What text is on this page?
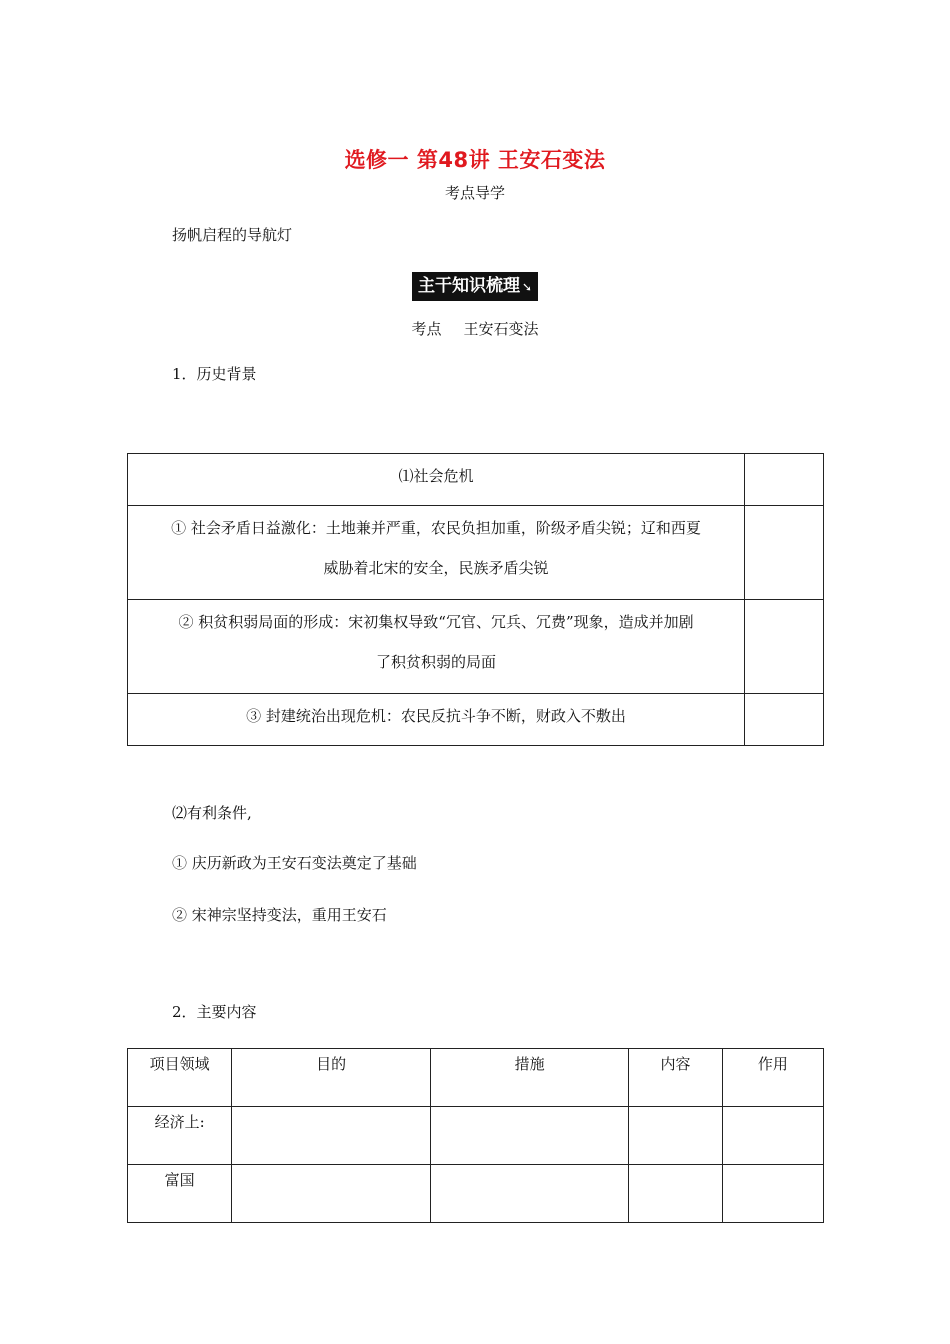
选修一 第48讲 王安石变法
考点导学
扬帆启程的导航灯
主干知识梳理 ➘
考点 王安石变法
1．历史背景
⑴社会危机	

① 社会矛盾日益激化：土地兼并严重，农民负担加重，阶级矛盾尖锐；辽和西夏
威胁着北宋的安全，民族矛盾尖锐	

② 积贫积弱局面的形成：宋初集权导致“冗官、冗兵、冗费”现象，造成并加剧
了积贫积弱的局面	

③ 封建统治出现危机：农民反抗斗争不断，财政入不敷出	

⑵有利条件,
① 庆历新政为王安石变法奠定了基础
② 宋神宗坚持变法，重用王安石
2．主要内容
项目领域	目的	措施	内容	作用
经济上:				
富国				
